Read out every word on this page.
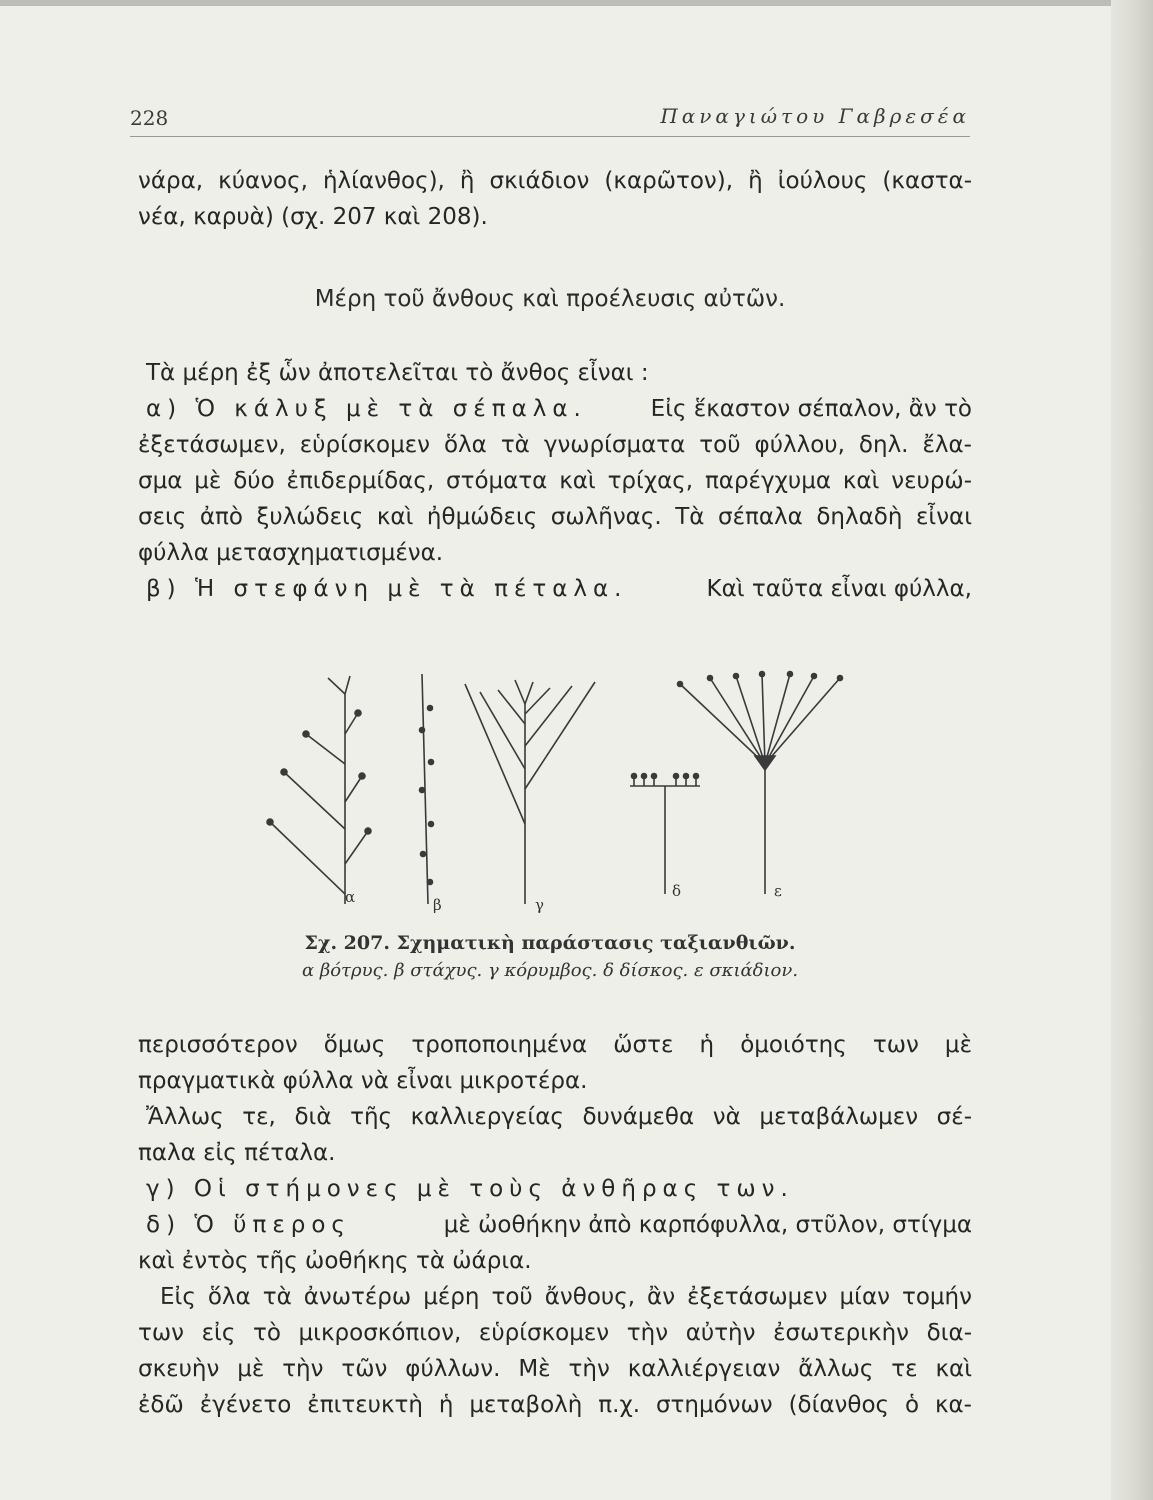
228	Παναγιώτου Γαβρεσέα
νάρα, κύανος, ἡλίανθος), ἢ σκιάδιον (καρῶτον), ἢ ἰούλους (καστα-
νέα, καρυὰ) (σχ. 207 καὶ 208).
Μέρη τοῦ ἄνθους καὶ προέλευσις αὐτῶν.
Τὰ μέρη ἐξ ὧν ἀποτελεῖται τὸ ἄνθος εἶναι :
α) Ὁ κάλυξ μὲ τὰ σέπαλα.	Εἰς ἕκαστον σέπαλον, ἂν τὸ
ἐξετάσωμεν, εὑρίσκομεν ὅλα τὰ γνωρίσματα τοῦ φύλλου, δηλ. ἔλα-
σμα μὲ δύο ἐπιδερμίδας, στόματα καὶ τρίχας, παρέγχυμα καὶ νευρώ-
σεις ἀπὸ ξυλώδεις καὶ ἠθμώδεις σωλῆνας. Τὰ σέπαλα δηλαδὴ εἶναι
φύλλα μετασχηματισμένα.
β) Ἡ στεφάνη μὲ τὰ πέταλα.	Καὶ ταῦτα εἶναι φύλλα,
α	β	γ
δ	ε
Σχ. 207. Σχηματικὴ παράστασις ταξιανθιῶν.
α βότρυς. β στάχυς. γ κόρυμβος. δ δίσκος. ε σκιάδιον.
περισσότερον ὅμως τροποποιημένα ὥστε ἡ ὁμοιότης των μὲ
πραγματικὰ φύλλα νὰ εἶναι μικροτέρα.
Ἄλλως τε, διὰ τῆς καλλιεργείας δυνάμεθα νὰ μεταβάλωμεν σέ-
παλα εἰς πέταλα.
γ) Οἱ στήμονες μὲ τοὺς ἀνθῆρας των.
δ) Ὁ ὕπερος	μὲ ὠοθήκην ἀπὸ καρπόφυλλα, στῦλον, στίγμα
καὶ ἐντὸς τῆς ὠοθήκης τὰ ὠάρια.
Εἰς ὅλα τὰ ἀνωτέρω μέρη τοῦ ἄνθους, ἂν ἐξετάσωμεν μίαν τομήν
των εἰς τὸ μικροσκόπιον, εὑρίσκομεν τὴν αὐτὴν ἐσωτερικὴν δια-
σκευὴν μὲ τὴν τῶν φύλλων. Μὲ τὴν καλλιέργειαν ἄλλως τε καὶ
ἐδῶ ἐγένετο ἐπιτευκτὴ ἡ μεταβολὴ π.χ. στημόνων (δίανθος ὁ κα-
